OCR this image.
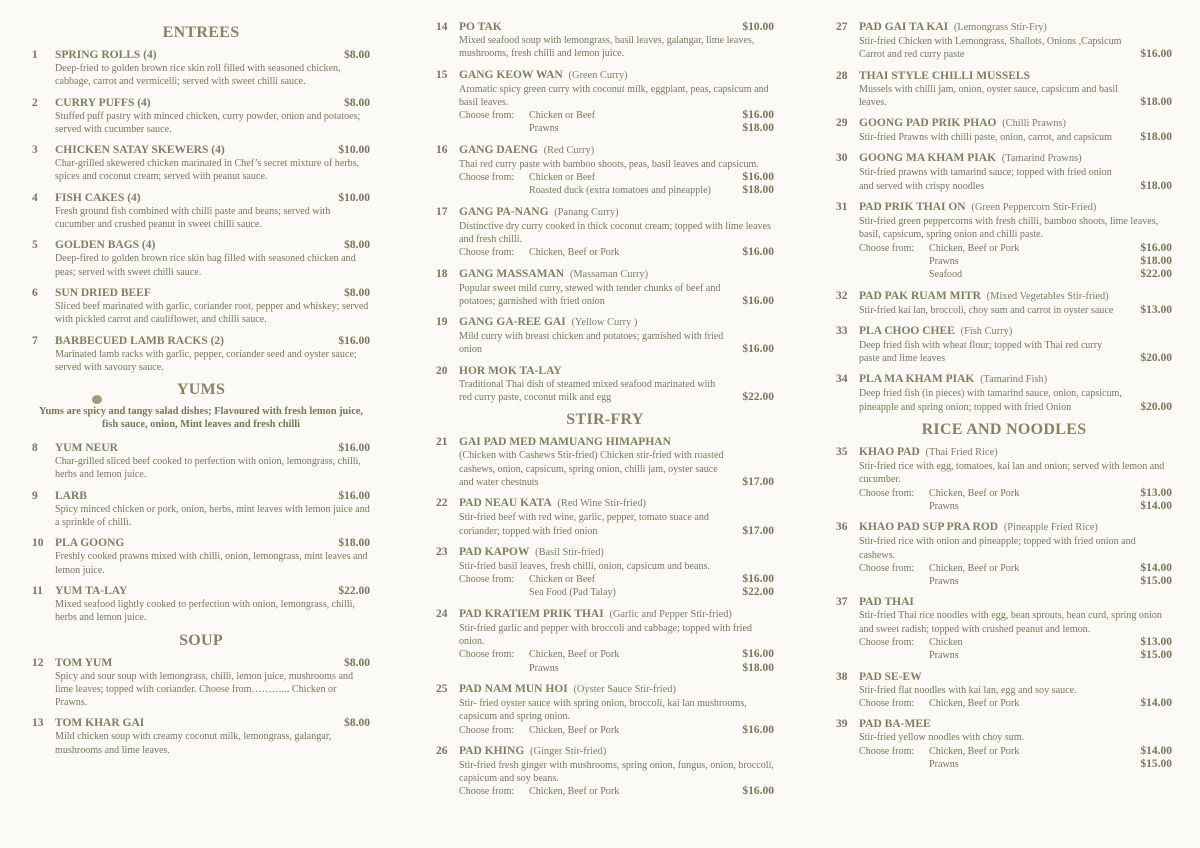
ENTREES
1	SPRING ROLLS (4)	$8.00
Deep-fried to golden brown rice skin roll filled with seasoned chicken, cabbage, carrot and vermicelli; served with sweet chilli sauce.
2	CURRY PUFFS (4)	$8.00
Stuffed puff pastry with minced chicken, curry powder, onion and potatoes; served with cucumber sauce.
3	CHICKEN SATAY SKEWERS (4)	$10.00
Char-grilled skewered chicken marinated in Chef’s secret mixture of herbs, spices and coconut cream; served with peanut sauce.
4	FISH CAKES (4)	$10.00
Fresh ground fish combined with chilli paste and beans; served with cucumber and crushed peanut in sweet chilli sauce.
5	GOLDEN BAGS (4)	$8.00
Deep-fired to golden brown rice skin bag filled with seasoned chicken and peas; served with sweet chilli sauce.
6	SUN DRIED BEEF	$8.00
Sliced beef marinated with garlic, coriander root, pepper and whiskey; served with pickled carrot and cauliflower, and chilli sauce.
7	BARBECUED LAMB RACKS (2)	$16.00
Marinated lamb racks with garlic, pepper, coriander seed and oyster sauce; served with savoury sauce.
YUMS
Yums are spicy and tangy salad dishes; Flavoured with fresh lemon juice, fish sauce, onion, Mint leaves and fresh chilli
8	YUM NEUR	$16.00
Char-grilled sliced beef cooked to perfection with onion, lemongrass, chilli, herbs and lemon juice.
9	LARB	$16.00
Spicy minced chicken or pork, onion, herbs, mint leaves with lemon juice and a sprinkle of chilli.
10	PLA GOONG	$18.00
Freshly cooked prawns mixed with chilli, onion, lemongrass, mint leaves and lemon juice.
11	YUM TA-LAY	$22.00
Mixed seafood lightly cooked to perfection with onion, lemongrass, chilli, herbs and lemon juice.
SOUP
12	TOM YUM	$8.00
Spicy and sour soup with lemongrass, chilli, lemon juice, mushrooms and lime leaves; topped with coriander. Choose from………... Chicken or Prawns.
13	TOM KHAR GAI	$8.00
Mild chicken soup with creamy coconut milk, lemongrass, galangar, mushrooms and lime leaves.
14	PO TAK	$10.00
Mixed seafood soup with lemongrass, basil leaves, galangar, lime leaves, mushrooms, fresh chilli and lemon juice.
15	GANG KEOW WAN (Green Curry)
Aromatic spicy green curry with coconut milk, eggplant, peas, capsicum and basil leaves.
Choose from:	Chicken or Beef	$16.00
Prawns	$18.00
16	GANG DAENG (Red Curry)
Thai red curry paste with bamboo shoots, peas, basil leaves and capsicum.
Choose from:	Chicken or Beef	$16.00
Roasted duck (extra tomatoes and pineapple)	$18.00
17	GANG PA-NANG (Panang Curry)
Distinctive dry curry cooked in thick coconut cream; topped with lime leaves and fresh chilli.
Choose from:	Chicken, Beef or Pork	$16.00
18	GANG MASSAMAN (Massaman Curry)
Popular sweet mild curry, stewed with tender chunks of beef and potatoes; garnished with fried onion	$16.00
19	GANG GA-REE GAI (Yellow Curry )
Mild curry with breast chicken and potatoes; garnished with fried onion	$16.00
20	HOR MOK TA-LAY
Traditional Thai dish of steamed mixed seafood marinated with red curry paste, coconut milk and egg	$22.00
STIR-FRY
21	GAI PAD MED MAMUANG HIMAPHAN
(Chicken with Cashews Stir-fried) Chicken stir-fried with roasted cashews, onion, capsicum, spring onion, chilli jam, oyster sauce and water chestnuts	$17.00
22	PAD NEAU KATA (Red Wine Stir-fried)
Stir-fried beef with red wine, garlic, pepper, tomato suace and coriander; topped with fried onion	$17.00
23	PAD KAPOW (Basil Stir-fried)
Stir-fried basil leaves, fresh chilli, onion, capsicum and beans.
Choose from:	Chicken or Beef	$16.00
Sea Food (Pad Talay)	$22.00
24	PAD KRATIEM PRIK THAI (Garlic and Pepper Stir-fried)
Stir-fried garlic and pepper with broccoli and cabbage; topped with fried onion.
Choose from:	Chicken, Beef or Pork	$16.00
Prawns	$18.00
25	PAD NAM MUN HOI (Oyster Sauce Stir-fried)
Stir- fried oyster sauce with spring onion, broccoli, kai lan mushrooms, capsicum and spring onion.
Choose from:	Chicken, Beef or Pork	$16.00
26	PAD KHING (Ginger Stir-fried)
Stir-fried fresh ginger with mushrooms, spring onion, fungus, onion, broccoli, capsicum and soy beans.
Choose from:	Chicken, Beef or Pork	$16.00
27	PAD GAI TA KAI (Lemongrass Stir-Fry)
Stir-fried Chicken with Lemongrass, Shallots, Onions ,Capsicum Carrot and red curry paste	$16.00
28	THAI STYLE CHILLI MUSSELS
Mussels with chilli jam, onion, oyster sauce, capsicum and basil leaves.	$18.00
29	GOONG PAD PRIK PHAO (Chilli Prawns)
Stir-fried Prawns with chilli paste, onion, carrot, and capsicum	$18.00
30	GOONG MA KHAM PIAK (Tamarind Prawns)
Stir-fried prawns with tamarind sauce; topped with fried onion and served with crispy noodles	$18.00
31	PAD PRIK THAI ON (Green Peppercorn Stir-Fried)
Stir-fried green peppercorns with fresh chilli, bamboo shoots, lime leaves, basil, capsicum, spring onion and chilli paste.
Choose from:	Chicken, Beef or Pork	$16.00
Prawns	$18.00
Seafood	$22.00
32	PAD PAK RUAM MITR (Mixed Vegetables Stir-fried)
Stir-fried kai lan, broccoli, choy sum and carrot in oyster sauce	$13.00
33	PLA CHOO CHEE (Fish Curry)
Deep fried fish with wheat flour; topped with Thai red curry paste and lime leaves	$20.00
34	PLA MA KHAM PIAK (Tamarind Fish)
Deep fried fish (in pieces) with tamarind sauce, onion, capsicum, pineapple and spring onion; topped with fried Onion	$20.00
RICE AND NOODLES
35	KHAO PAD (Thai Fried Rice)
Stir-fried rice with egg, tomatoes, kai lan and onion; served with lemon and cucumber.
Choose from:	Chicken, Beef or Pork	$13.00
Prawns	$14.00
36	KHAO PAD SUP PRA ROD (Pineapple Fried Rice)
Stir-fried rice with onion and pineapple; topped with fried onion and cashews.
Choose from:	Chicken, Beef or Pork	$14.00
Prawns	$15.00
37	PAD THAI
Stir-fried Thai rice noodles with egg, bean sprouts, bean curd, spring onion and sweet radish; topped with crushed peanut and lemon.
Choose from:	Chicken	$13.00
Prawns	$15.00
38	PAD SE-EW
Stir-fried flat noodles with kai lan, egg and soy sauce.
Choose from:	Chicken, Beef or Pork	$14.00
39	PAD BA-MEE
Stir-fried yellow noodles with choy sum.
Choose from:	Chicken, Beef or Pork	$14.00
Prawns	$15.00
